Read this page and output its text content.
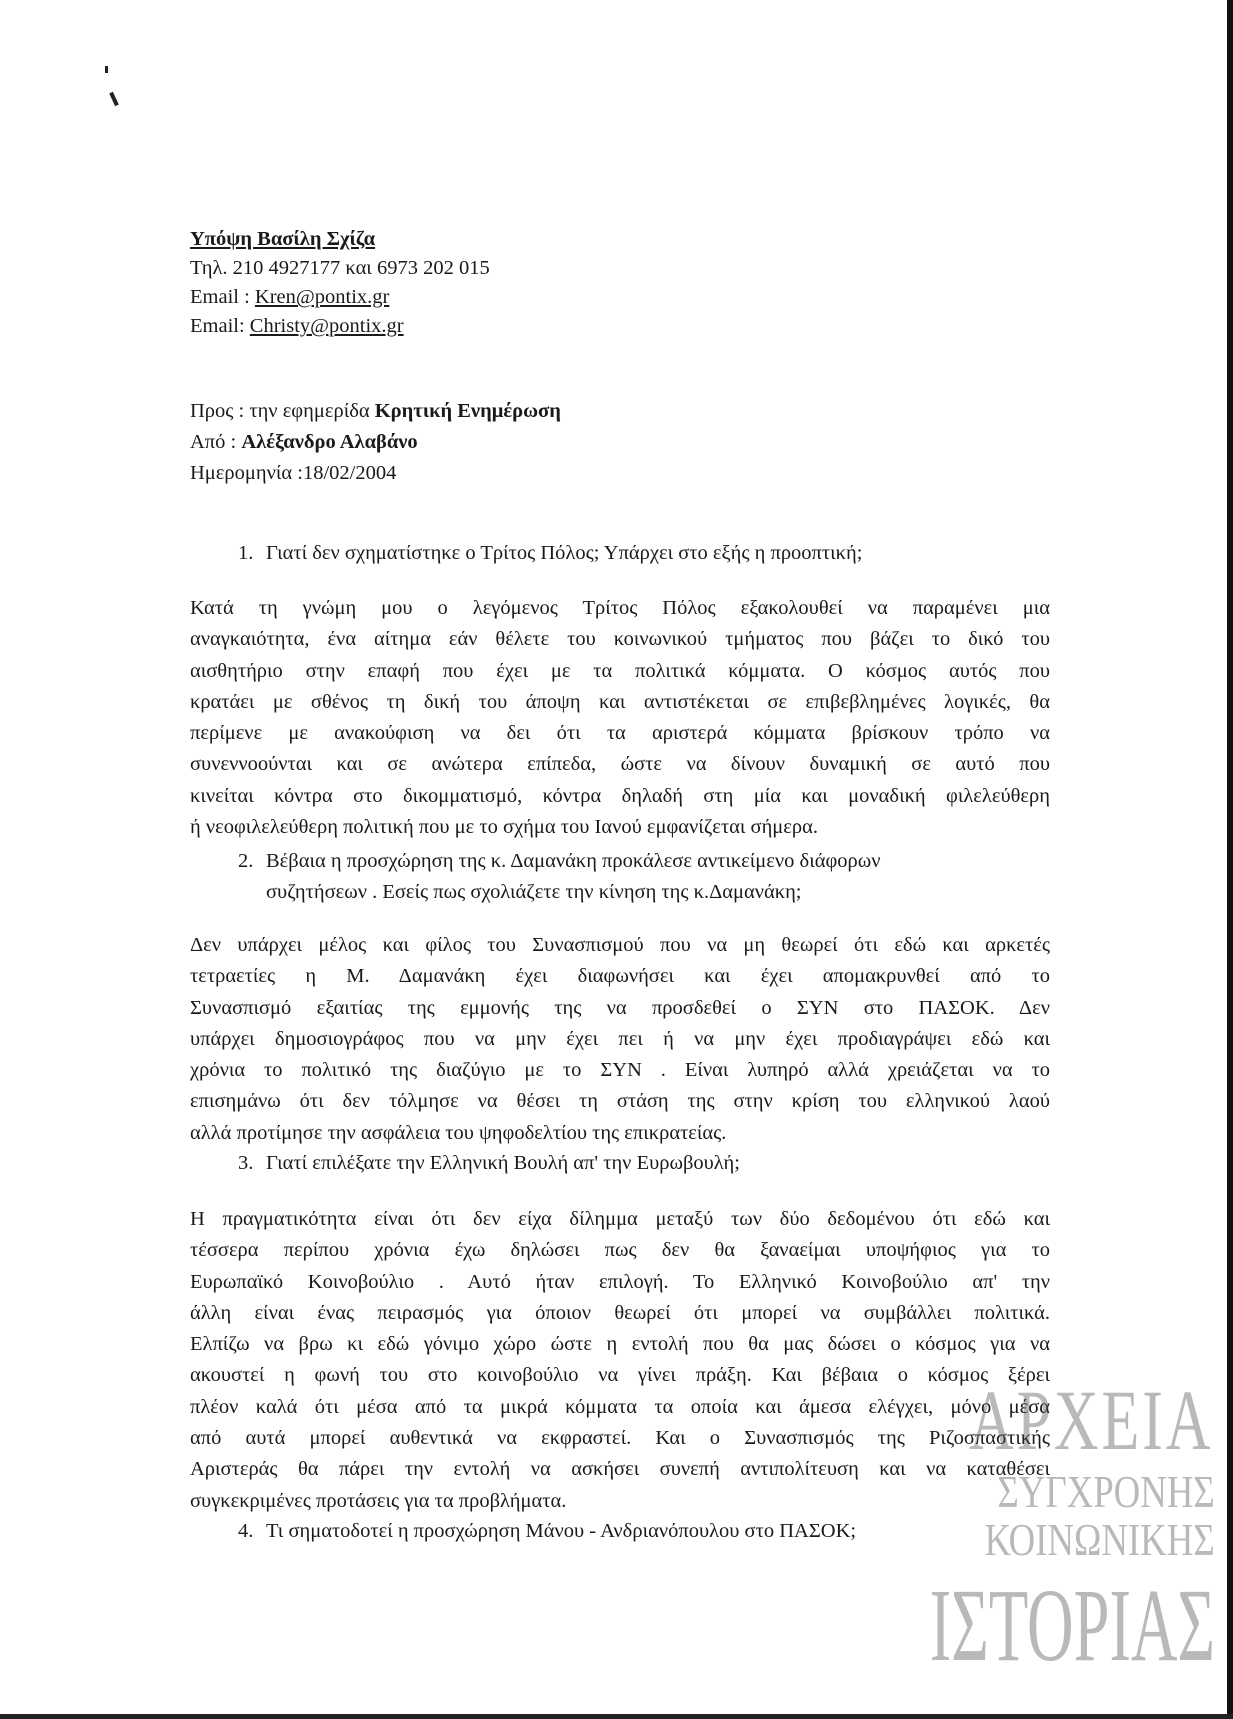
Υπόψη Βασίλη Σχίζα
Τηλ. 210 4927177 και 6973 202 015
Email : Kren@pontix.gr
Email: Christy@pontix.gr
Προς : την εφημερίδα Κρητική Ενημέρωση
Από : Αλέξανδρο Αλαβάνο
Ημερομηνία :18/02/2004
1. Γιατί δεν σχηματίστηκε ο Τρίτος Πόλος; Υπάρχει στο εξής η προοπτική;
Κατά τη γνώμη μου ο λεγόμενος Τρίτος Πόλος εξακολουθεί να παραμένει μια
αναγκαιότητα, ένα αίτημα εάν θέλετε του κοινωνικού τμήματος που βάζει το δικό του
αισθητήριο στην επαφή που έχει με τα πολιτικά κόμματα. Ο κόσμος αυτός που
κρατάει με σθένος τη δική του άποψη και αντιστέκεται σε επιβεβλημένες λογικές, θα
περίμενε με ανακούφιση να δει ότι τα αριστερά κόμματα βρίσκουν τρόπο να
συνεννοούνται και σε ανώτερα επίπεδα, ώστε να δίνουν δυναμική σε αυτό που
κινείται κόντρα στο δικομματισμό, κόντρα δηλαδή στη μία και μοναδική φιλελεύθερη
ή νεοφιλελεύθερη πολιτική που με το σχήμα του Ιανού εμφανίζεται σήμερα.
2. Βέβαια η προσχώρηση της κ. Δαμανάκη προκάλεσε αντικείμενο διάφορων
συζητήσεων . Εσείς πως σχολιάζετε την κίνηση της κ.Δαμανάκη;
Δεν υπάρχει μέλος και φίλος του Συνασπισμού που να μη θεωρεί ότι εδώ και αρκετές
τετραετίες η Μ. Δαμανάκη έχει διαφωνήσει και έχει απομακρυνθεί από το
Συνασπισμό εξαιτίας της εμμονής της να προσδεθεί ο ΣΥΝ στο ΠΑΣΟΚ. Δεν
υπάρχει δημοσιογράφος που να μην έχει πει ή να μην έχει προδιαγράψει εδώ και
χρόνια το πολιτικό της διαζύγιο με το ΣΥΝ . Είναι λυπηρό αλλά χρειάζεται να το
επισημάνω ότι δεν τόλμησε να θέσει τη στάση της στην κρίση του ελληνικού λαού
αλλά προτίμησε την ασφάλεια του ψηφοδελτίου της επικρατείας.
3. Γιατί επιλέξατε την Ελληνική Βουλή απ' την Ευρωβουλή;
Η πραγματικότητα είναι ότι δεν είχα δίλημμα μεταξύ των δύο δεδομένου ότι εδώ και
τέσσερα περίπου χρόνια έχω δηλώσει πως δεν θα ξαναείμαι υποψήφιος για το
Ευρωπαϊκό Κοινοβούλιο . Αυτό ήταν επιλογή. Το Ελληνικό Κοινοβούλιο απ' την
άλλη είναι ένας πειρασμός για όποιον θεωρεί ότι μπορεί να συμβάλλει πολιτικά.
Ελπίζω να βρω κι εδώ γόνιμο χώρο ώστε η εντολή που θα μας δώσει ο κόσμος για να
ακουστεί η φωνή του στο κοινοβούλιο να γίνει πράξη. Και βέβαια ο κόσμος ξέρει
πλέον καλά ότι μέσα από τα μικρά κόμματα τα οποία και άμεσα ελέγχει, μόνο μέσα
από αυτά μπορεί αυθεντικά να εκφραστεί. Και ο Συνασπισμός της Ριζοσπαστικής
Αριστεράς θα πάρει την εντολή να ασκήσει συνεπή αντιπολίτευση και να καταθέσει
συγκεκριμένες προτάσεις για τα προβλήματα.
4. Τι σηματοδοτεί η προσχώρηση Μάνου - Ανδριανόπουλου στο ΠΑΣΟΚ;
ΑΡΧΕΙΑ
ΣΥΓΧΡΟΝΗΣ
ΚΟΙΝΩΝΙΚΗΣ
ΙΣΤΟΡΙΑΣ
